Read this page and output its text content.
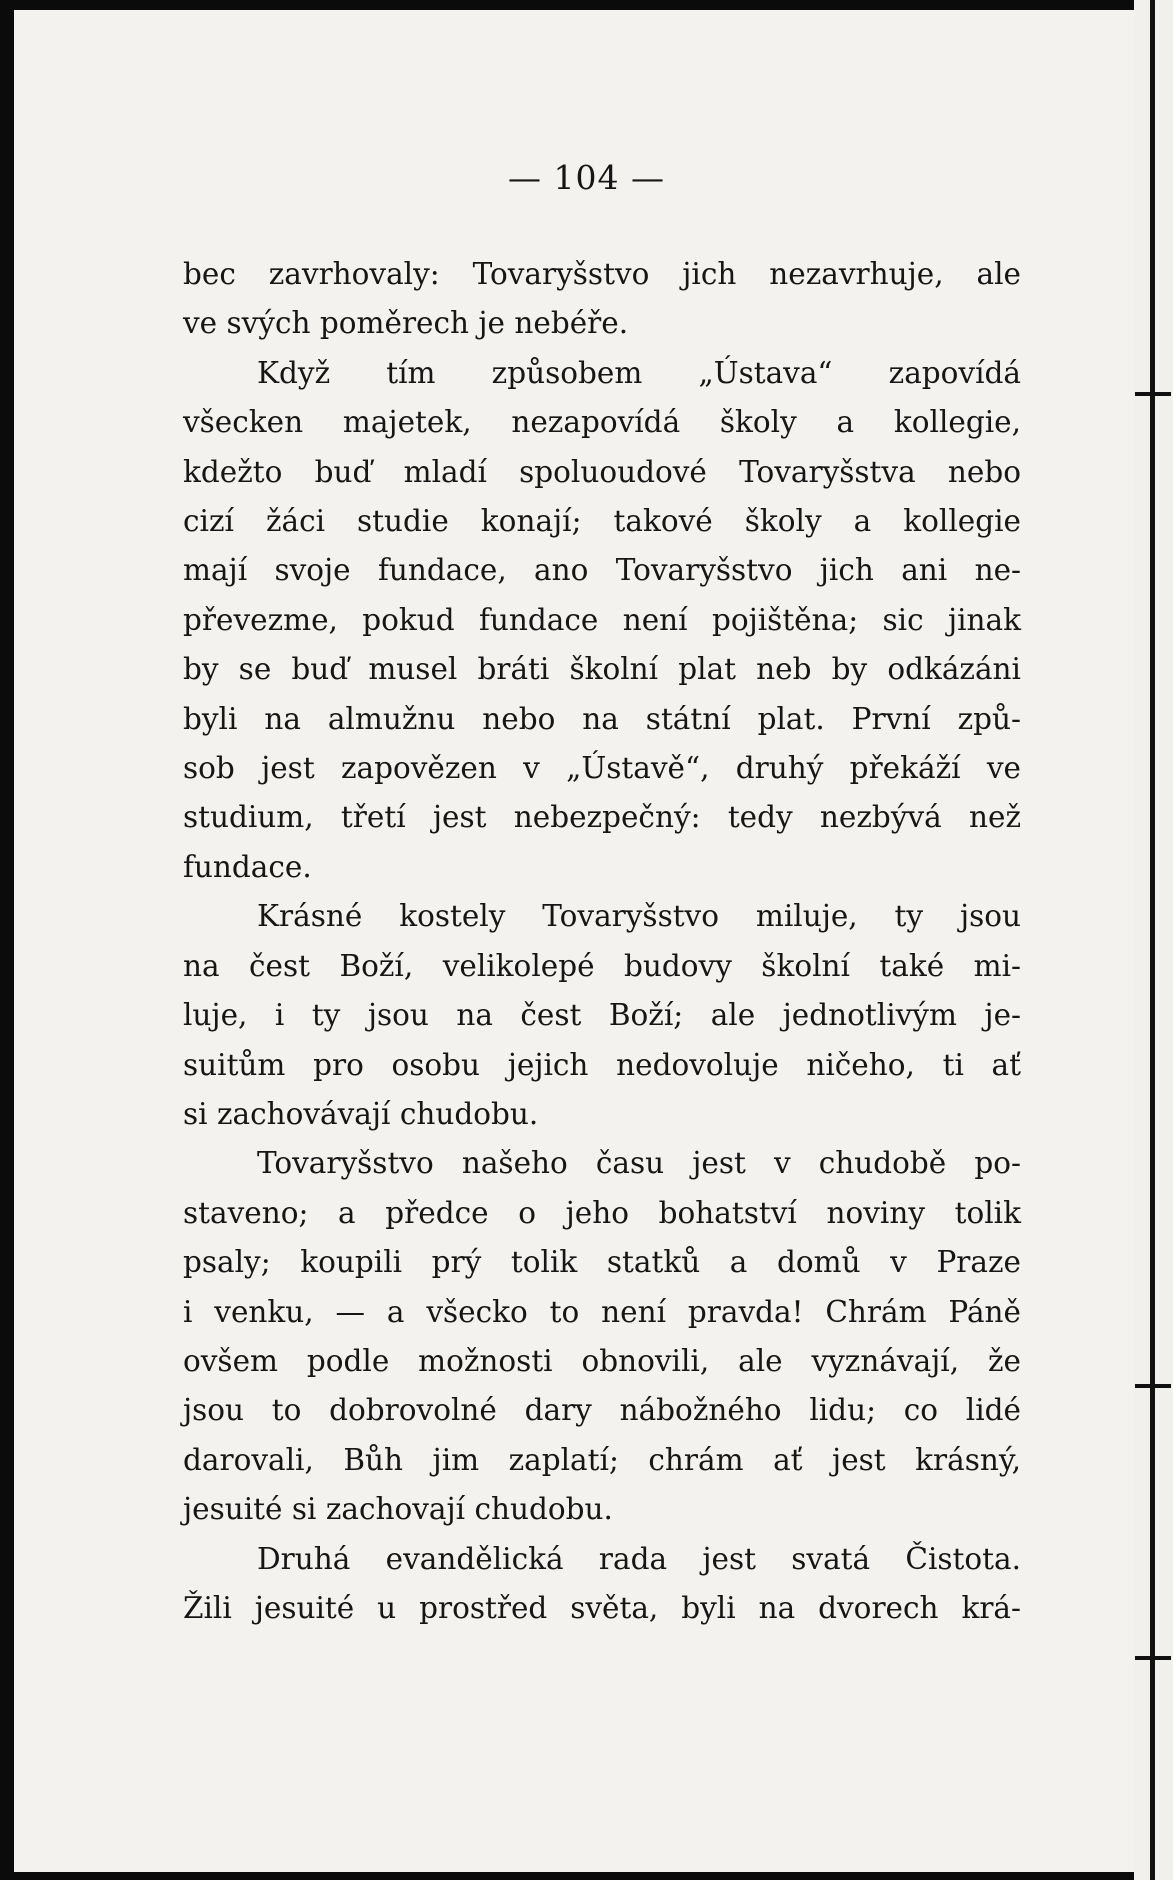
— 104 —
bec zavrhovaly: Tovaryšstvo jich nezavrhuje, ale
ve svých poměrech je nebéře.
Když tím způsobem „Ústava“ zapovídá
všecken majetek, nezapovídá školy a kollegie,
kdežto buď mladí spoluoudové Tovaryšstva nebo
cizí žáci studie konají; takové školy a kollegie
mají svoje fundace, ano Tovaryšstvo jich ani ne-
převezme, pokud fundace není pojištěna; sic jinak
by se buď musel bráti školní plat neb by odkázáni
byli na almužnu nebo na státní plat. První způ-
sob jest zapovězen v „Ústavě“, druhý překáží ve
studium, třetí jest nebezpečný: tedy nezbývá než
fundace.
Krásné kostely Tovaryšstvo miluje, ty jsou
na čest Boží, velikolepé budovy školní také mi-
luje, i ty jsou na čest Boží; ale jednotlivým je-
suitům pro osobu jejich nedovoluje ničeho, ti ať
si zachovávají chudobu.
Tovaryšstvo našeho času jest v chudobě po-
staveno; a předce o jeho bohatství noviny tolik
psaly; koupili prý tolik statků a domů v Praze
i venku, — a všecko to není pravda! Chrám Páně
ovšem podle možnosti obnovili, ale vyznávají, že
jsou to dobrovolné dary nábožného lidu; co lidé
darovali, Bůh jim zaplatí; chrám ať jest krásný,
jesuité si zachovají chudobu.
Druhá evandělická rada jest svatá Čistota.
Žili jesuité u prostřed světa, byli na dvorech krá-
